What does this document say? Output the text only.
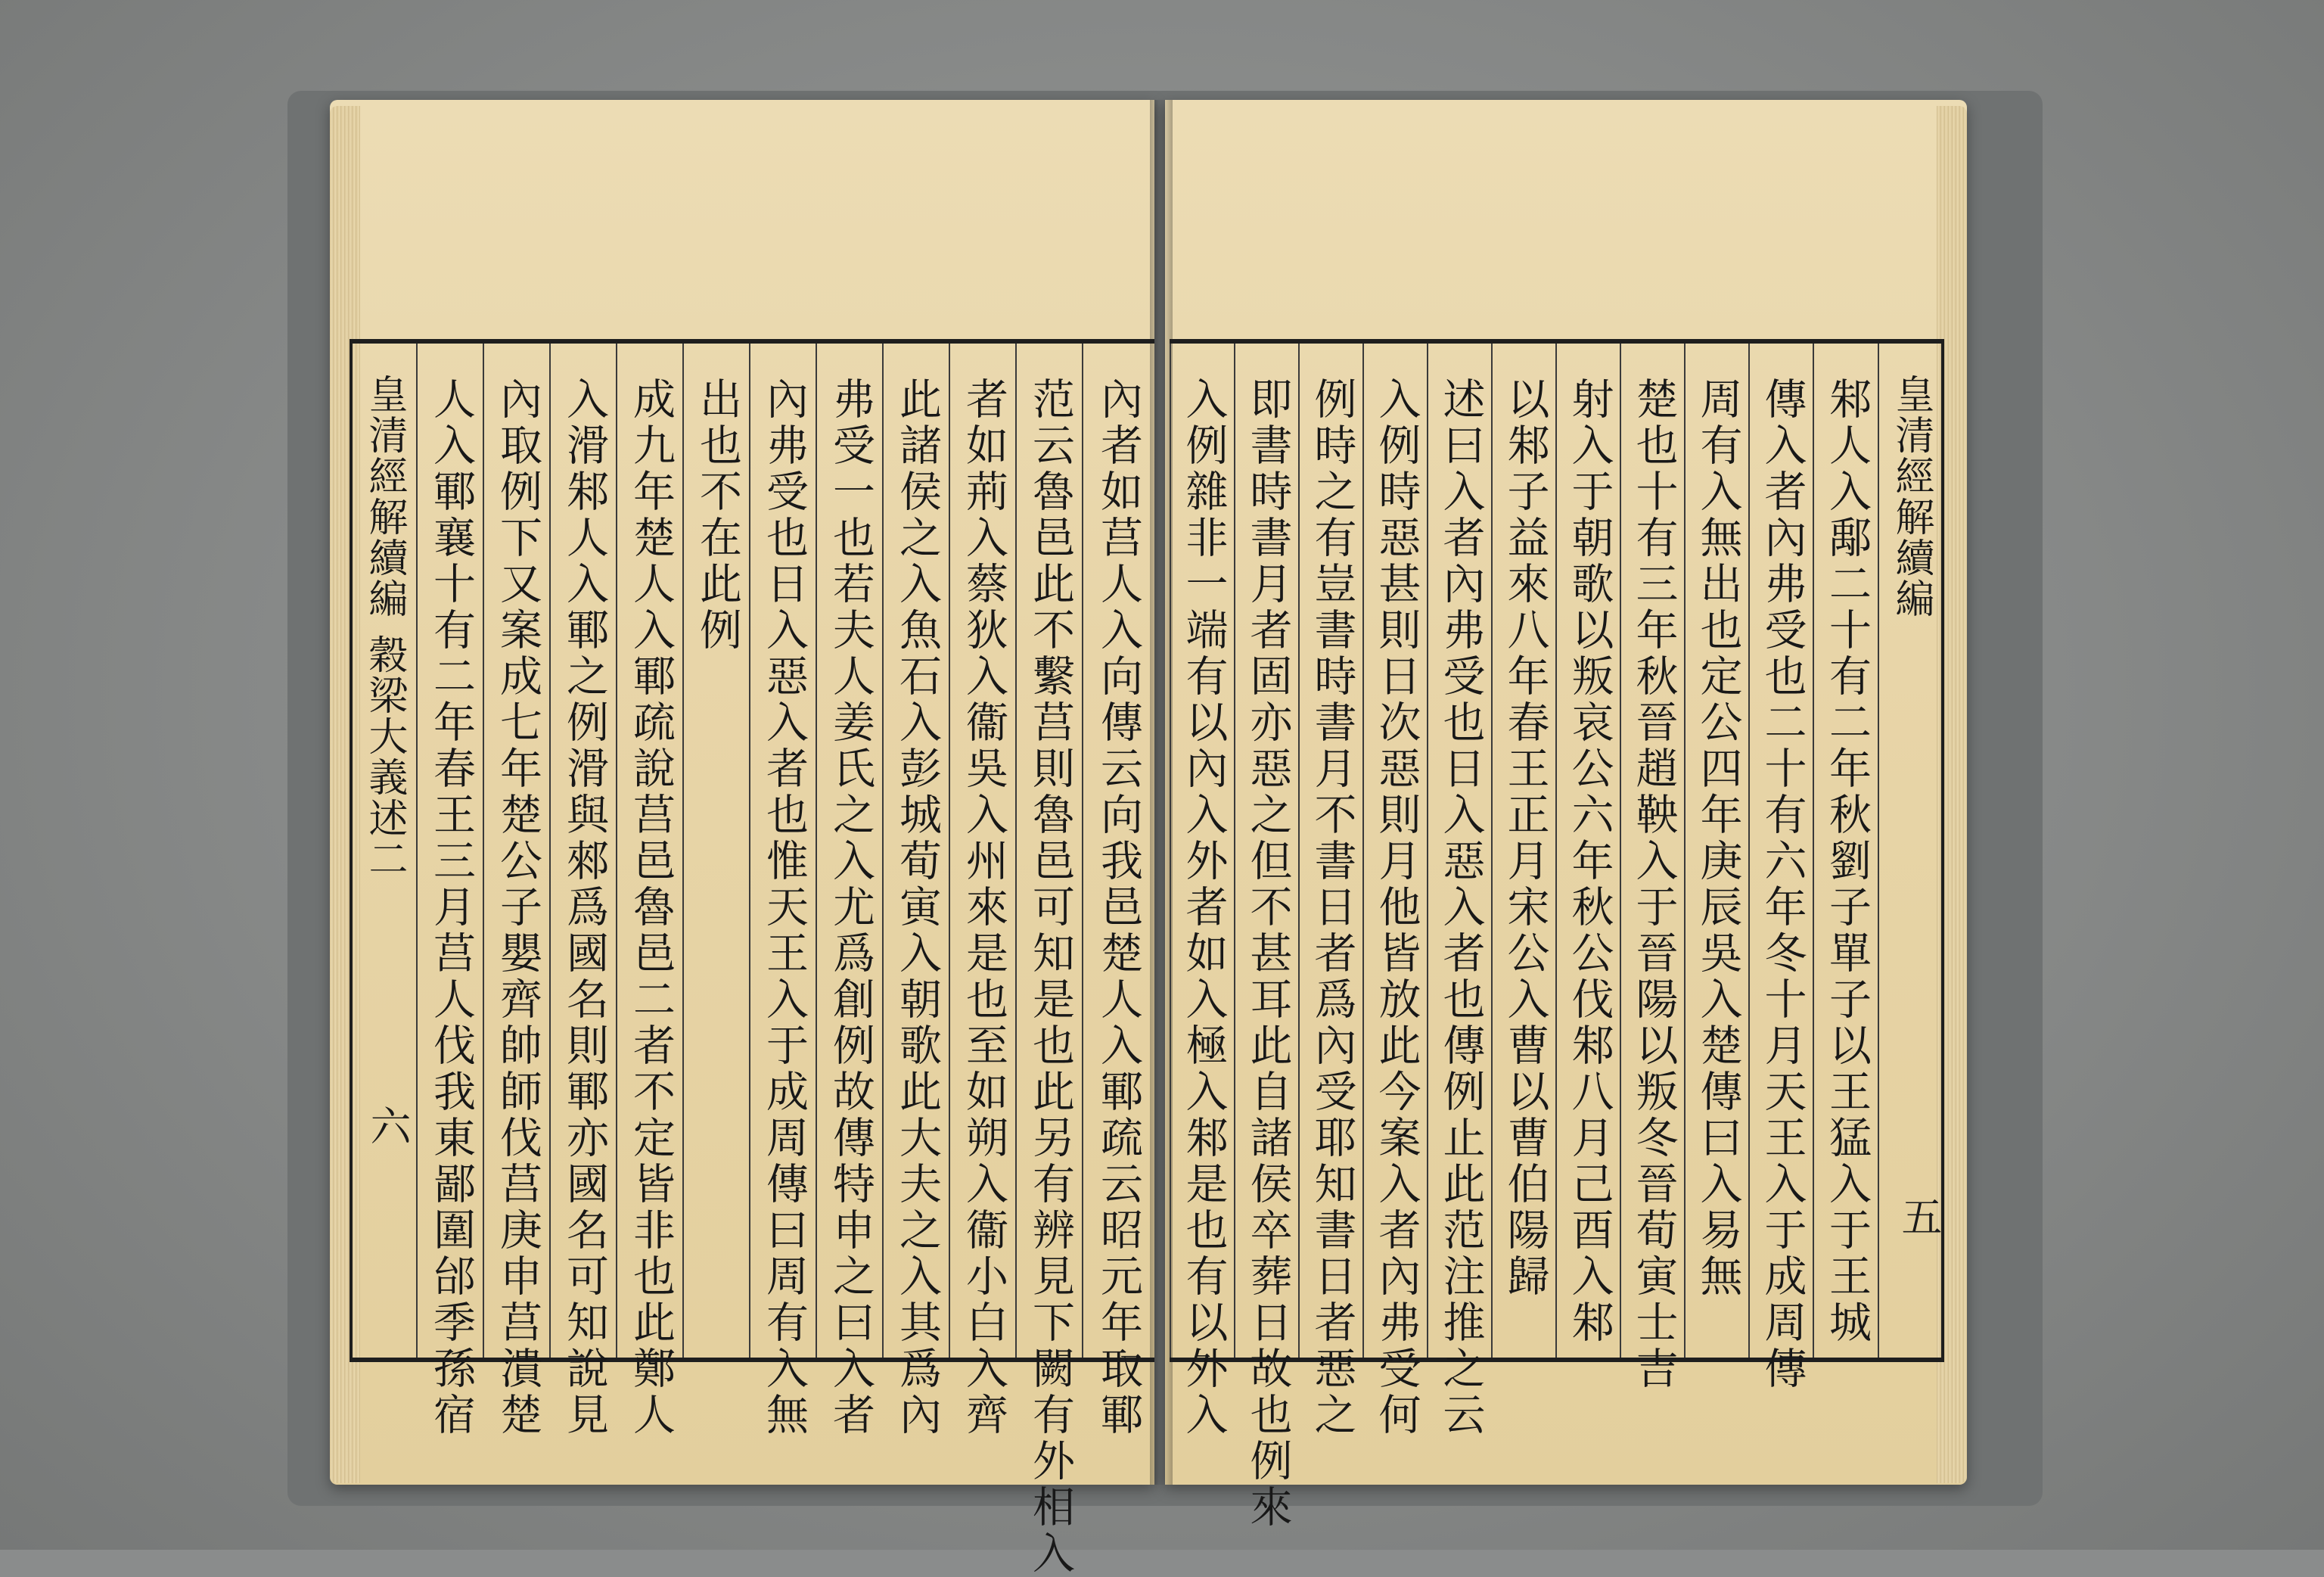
內者如莒人入向傳云向我邑楚人入鄆疏云昭元年取鄆
范云魯邑此不繫莒則魯邑可知是也此另有辨見下闕有外相入
者如荊入蔡狄入衞吳入州來是也至如朔入衞小白入齊
此諸侯之入魚石入彭城荀寅入朝歌此大夫之入其爲內
弗受一也若夫人姜氏之入尤爲創例故傳特申之曰入者
內弗受也日入惡入者也惟天王入于成周傳曰周有入無
出也不在此例
成九年楚人入鄆疏說莒邑魯邑二者不定皆非也此鄭人
入滑邾人入鄆之例滑與郲爲國名則鄆亦國名可知說見
內取例下又案成七年楚公子嬰齊帥師伐莒庚申莒潰楚
人入鄆襄十有二年春王三月莒人伐我東鄙圍邰季孫宿
皇清經解續編
穀梁大義述二
六
皇清經解續編
邾人入鄅二十有二年秋劉子單子以王猛入于王城
傳入者內弗受也二十有六年冬十月天王入于成周傳
周有入無出也定公四年庚辰吳入楚傳曰入易無
楚也十有三年秋晉趙鞅入于晉陽以叛冬晉荀寅士吉
射入于朝歌以叛哀公六年秋公伐邾八月己酉入邾
以邾子益來八年春王正月宋公入曹以曹伯陽歸
述曰入者內弗受也日入惡入者也傳例止此范注推之云
入例時惡甚則日次惡則月他皆放此今案入者內弗受何
例時之有豈書時書月不書日者爲內受耶知書日者惡之
即書時書月者固亦惡之但不甚耳此自諸侯卒葬日故也例來
入例雜非一端有以內入外者如入極入邾是也有以外入	五
